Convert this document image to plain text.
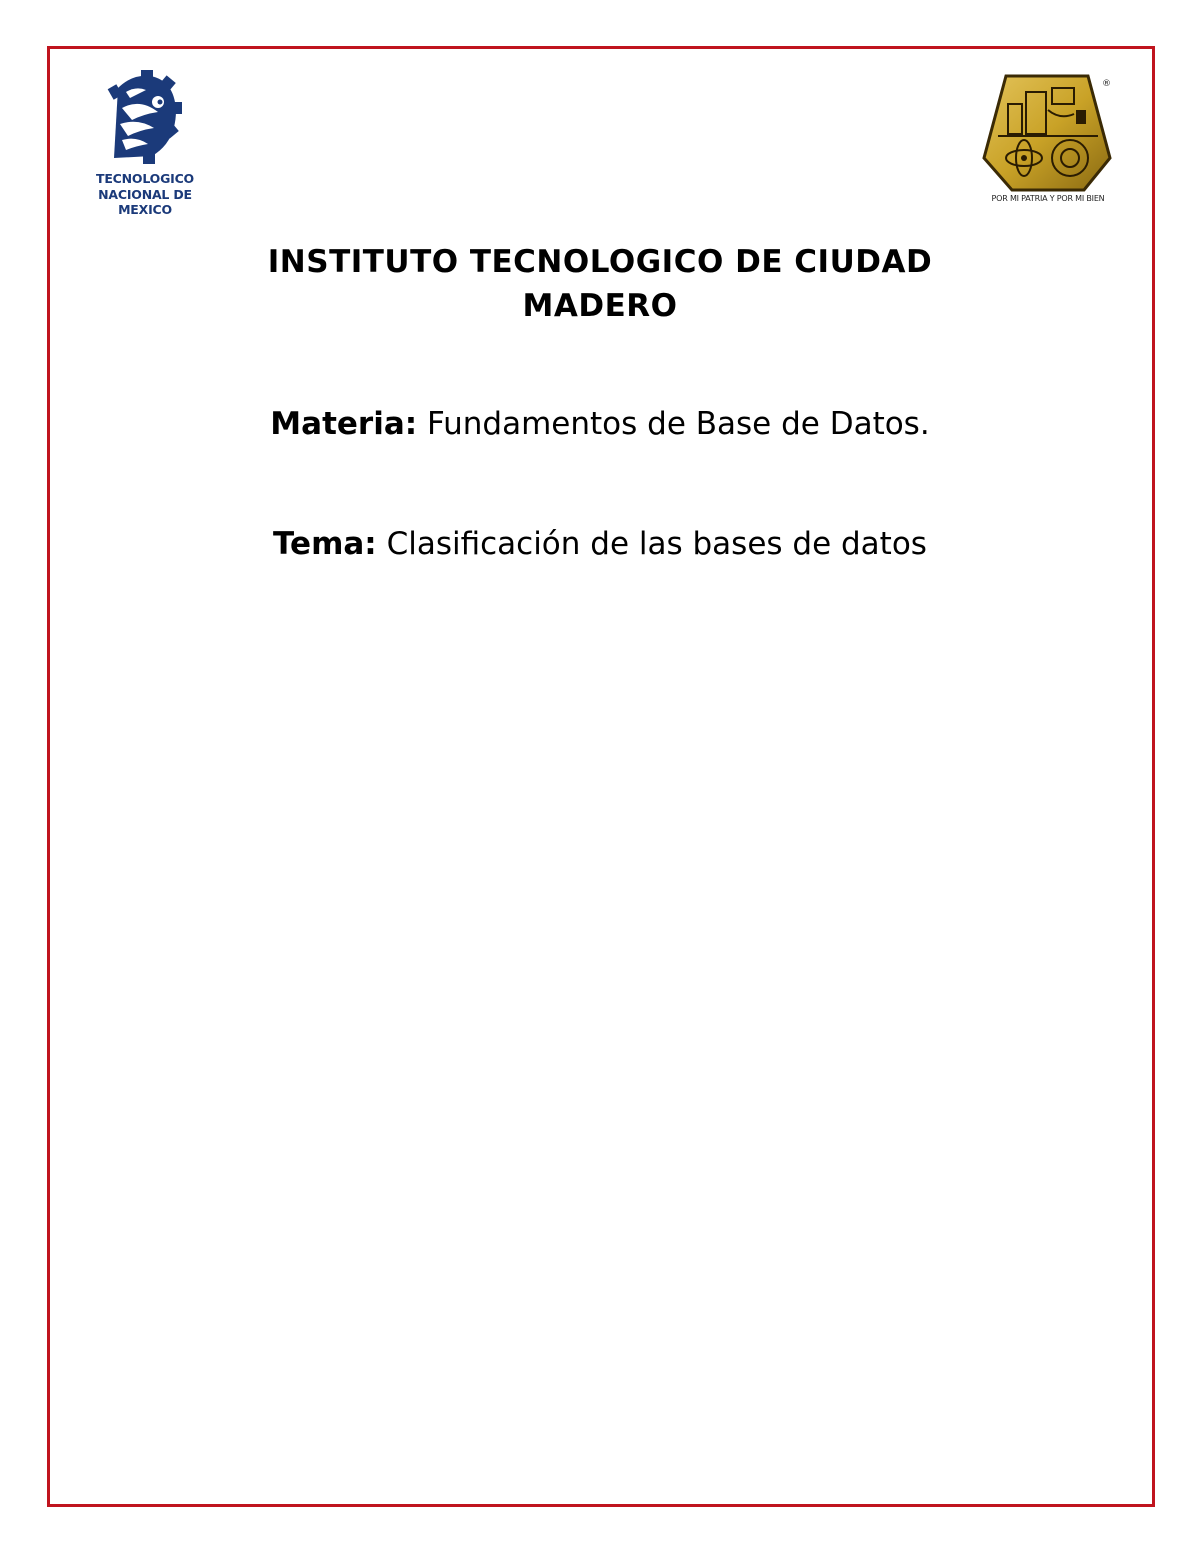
TECNOLOGICO
NACIONAL DE MEXICO
®
POR MI PATRIA Y POR MI BIEN
INSTITUTO TECNOLOGICO DE CIUDAD
MADERO
Materia: Fundamentos de Base de Datos.
Tema: Clasificación de las bases de datos
